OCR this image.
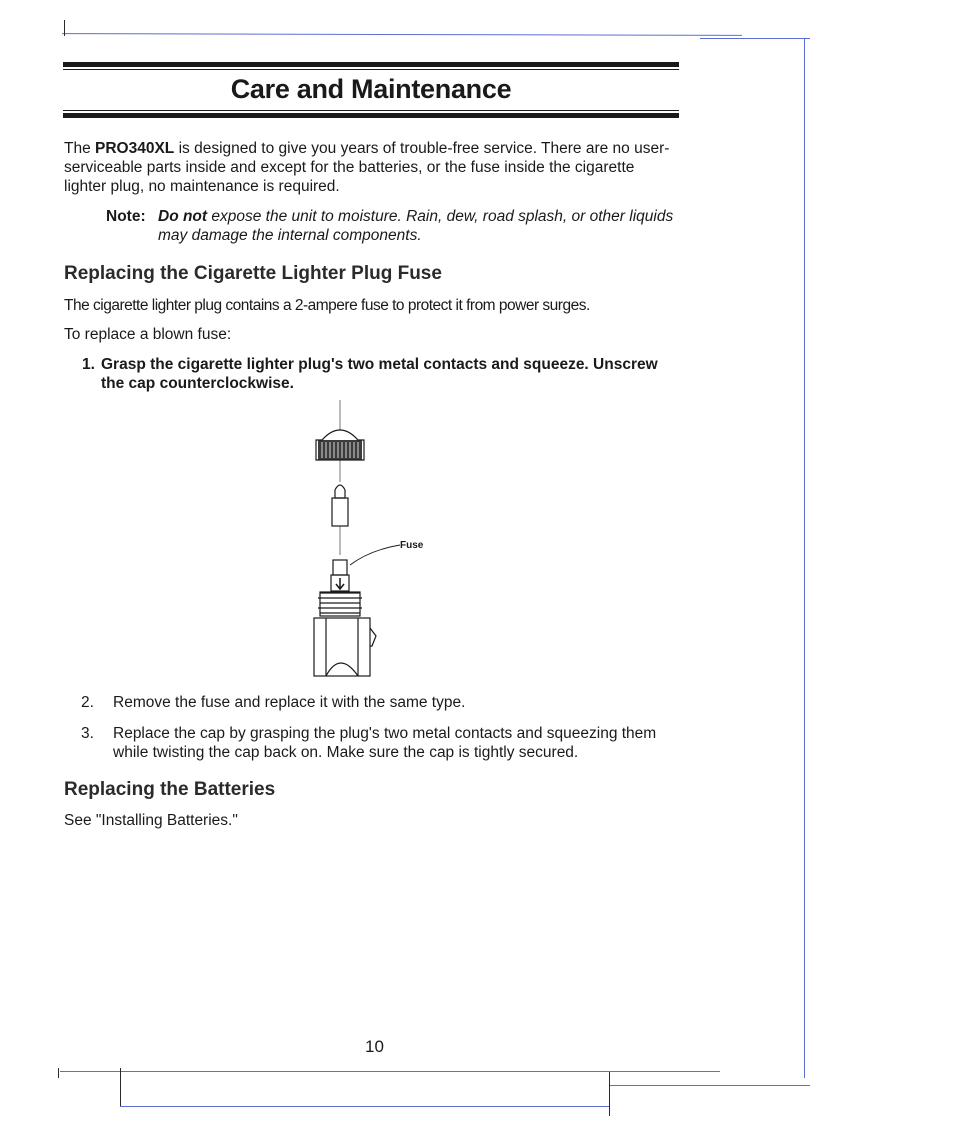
Care and Maintenance

The PRO340XL is designed to give you years of trouble-free service. There are no user-serviceable parts inside and except for the batteries, or the fuse inside the cigarette lighter plug, no maintenance is required.

Note: Do not expose the unit to moisture. Rain, dew, road splash, or other liquids may damage the internal components.
Replacing the Cigarette Lighter Plug Fuse

The cigarette lighter plug contains a 2-ampere fuse to protect it from power surges.

To replace a blown fuse:

1. Grasp the cigarette lighter plug's two metal contacts and squeeze. Unscrew the cap counterclockwise.
Fuse
2. Remove the fuse and replace it with the same type.
3. Replace the cap by grasping the plug's two metal contacts and squeezing them while twisting the cap back on. Make sure the cap is tightly secured.
Replacing the Batteries

See "Installing Batteries."

10
